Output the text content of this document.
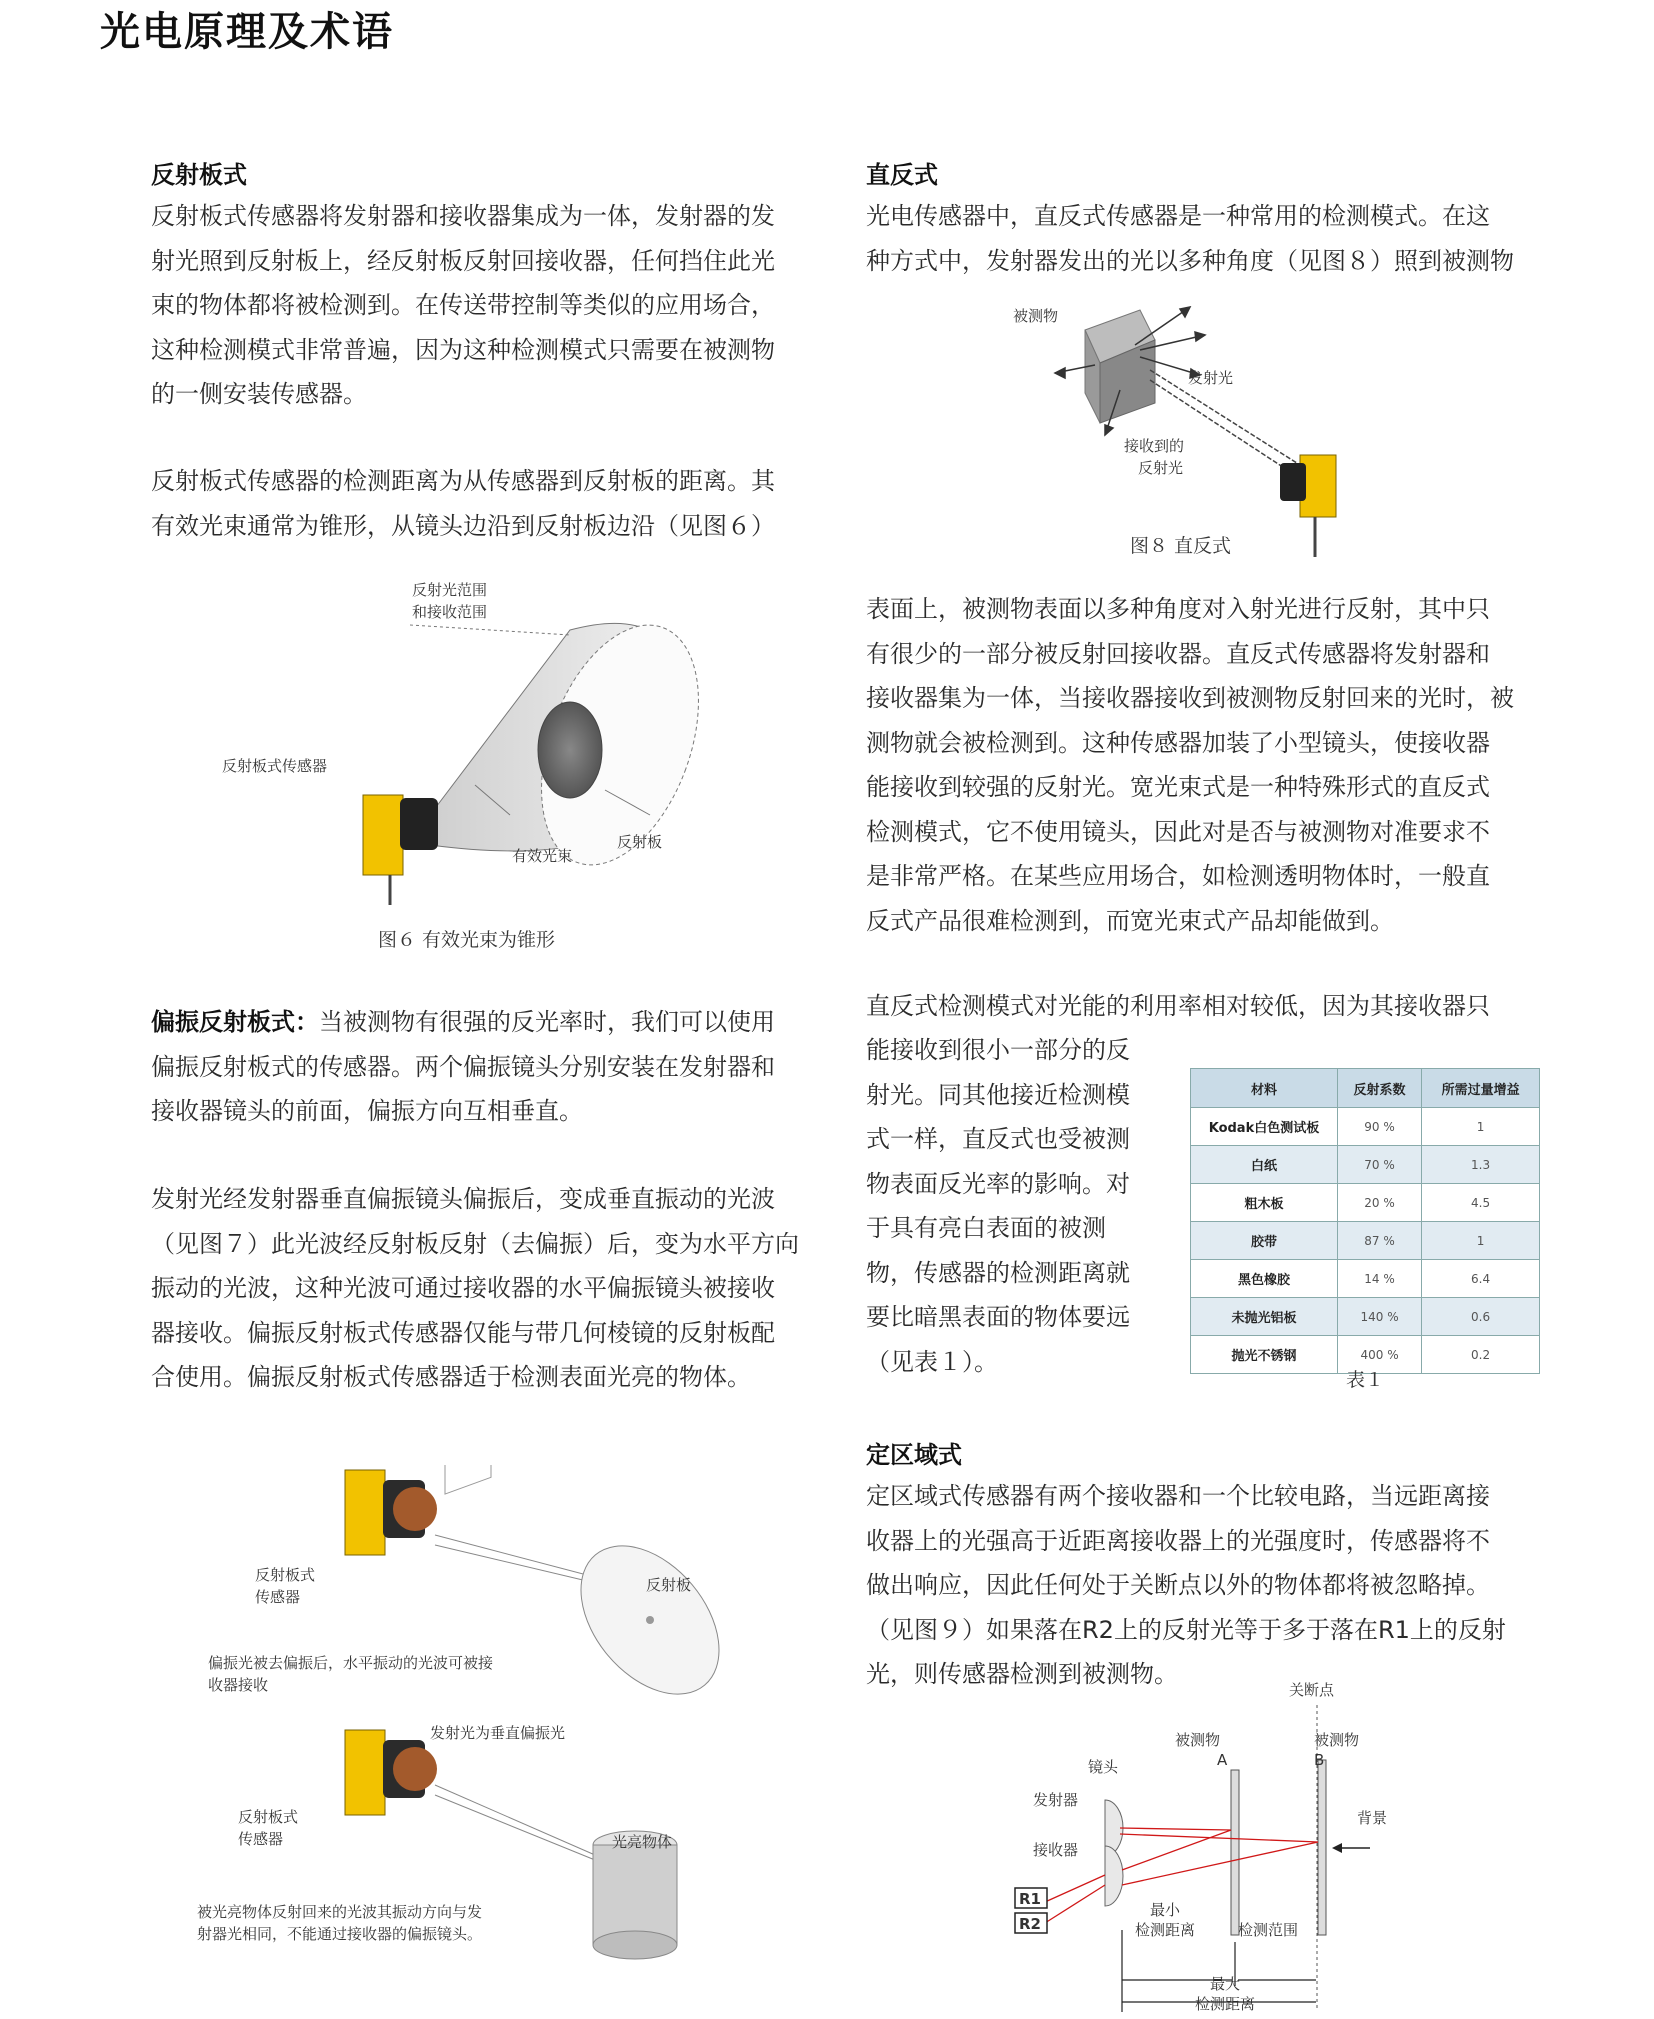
光电原理及术语
反射板式

反射板式传感器将发射器和接收器集成为一体，发射器的发

射光照到反射板上，经反射板反射回接收器，任何挡住此光

束的物体都将被检测到。在传送带控制等类似的应用场合，

这种检测模式非常普遍，因为这种检测模式只需要在被测物

的一侧安装传感器。

反射板式传感器的检测距离为从传感器到反射板的距离。其

有效光束通常为锥形，从镜头边沿到反射板边沿（见图６）

反射光范围
和接收范围
反射板式传感器
有效光束
反射板
图６ 有效光束为锥形

偏振反射板式：当被测物有很强的反光率时，我们可以使用

偏振反射板式的传感器。两个偏振镜头分别安装在发射器和

接收器镜头的前面，偏振方向互相垂直。

发射光经发射器垂直偏振镜头偏振后，变成垂直振动的光波

（见图７）此光波经反射板反射（去偏振）后，变为水平方向

振动的光波，这种光波可通过接收器的水平偏振镜头被接收

器接收。偏振反射板式传感器仅能与带几何棱镜的反射板配

合使用。偏振反射板式传感器适于检测表面光亮的物体。

反射板式
传感器
反射板
偏振光被去偏振后，水平振动的光波可被接
收器接收
发射光为垂直偏振光
反射板式
传感器	光亮物体
被光亮物体反射回来的光波其振动方向与发
射器光相同，不能通过接收器的偏振镜头。
直反式

光电传感器中，直反式传感器是一种常用的检测模式。在这

种方式中，发射器发出的光以多种角度（见图８）照到被测物

被测物
发射光
接收到的
反射光
图８ 直反式

表面上，被测物表面以多种角度对入射光进行反射，其中只

有很少的一部分被反射回接收器。直反式传感器将发射器和

接收器集为一体，当接收器接收到被测物反射回来的光时，被

测物就会被检测到。这种传感器加装了小型镜头，使接收器

能接收到较强的反射光。宽光束式是一种特殊形式的直反式

检测模式，它不使用镜头，因此对是否与被测物对准要求不

是非常严格。在某些应用场合，如检测透明物体时，一般直

反式产品很难检测到，而宽光束式产品却能做到。

直反式检测模式对光能的利用率相对较低，因为其接收器只

能接收到很小一部分的反

射光。同其他接近检测模

式一样，直反式也受被测

物表面反光率的影响。对

于具有亮白表面的被测

物，传感器的检测距离就

要比暗黑表面的物体要远

（见表１）。

材料	反射系数	所需过量增益
Kodak白色测试板	90 %	1
白纸	70 %	1.3
粗木板	20 %	4.5
胶带	87 %	1
黑色橡胶	14 %	6.4
未抛光铝板	140 %	0.6
抛光不锈钢	400 %	0.2
表１
定区域式

定区域式传感器有两个接收器和一个比较电路，当远距离接

收器上的光强高于近距离接收器上的光强度时，传感器将不

做出响应，因此任何处于关断点以外的物体都将被忽略掉。

（见图９）如果落在R2上的反射光等于多于落在R1上的反射

光，则传感器检测到被测物。

关断点
被测物
A
被测物
B
镜头
发射器
接收器
背景
R1
R2
最小
检测距离	检测范围
最大
检测距离
